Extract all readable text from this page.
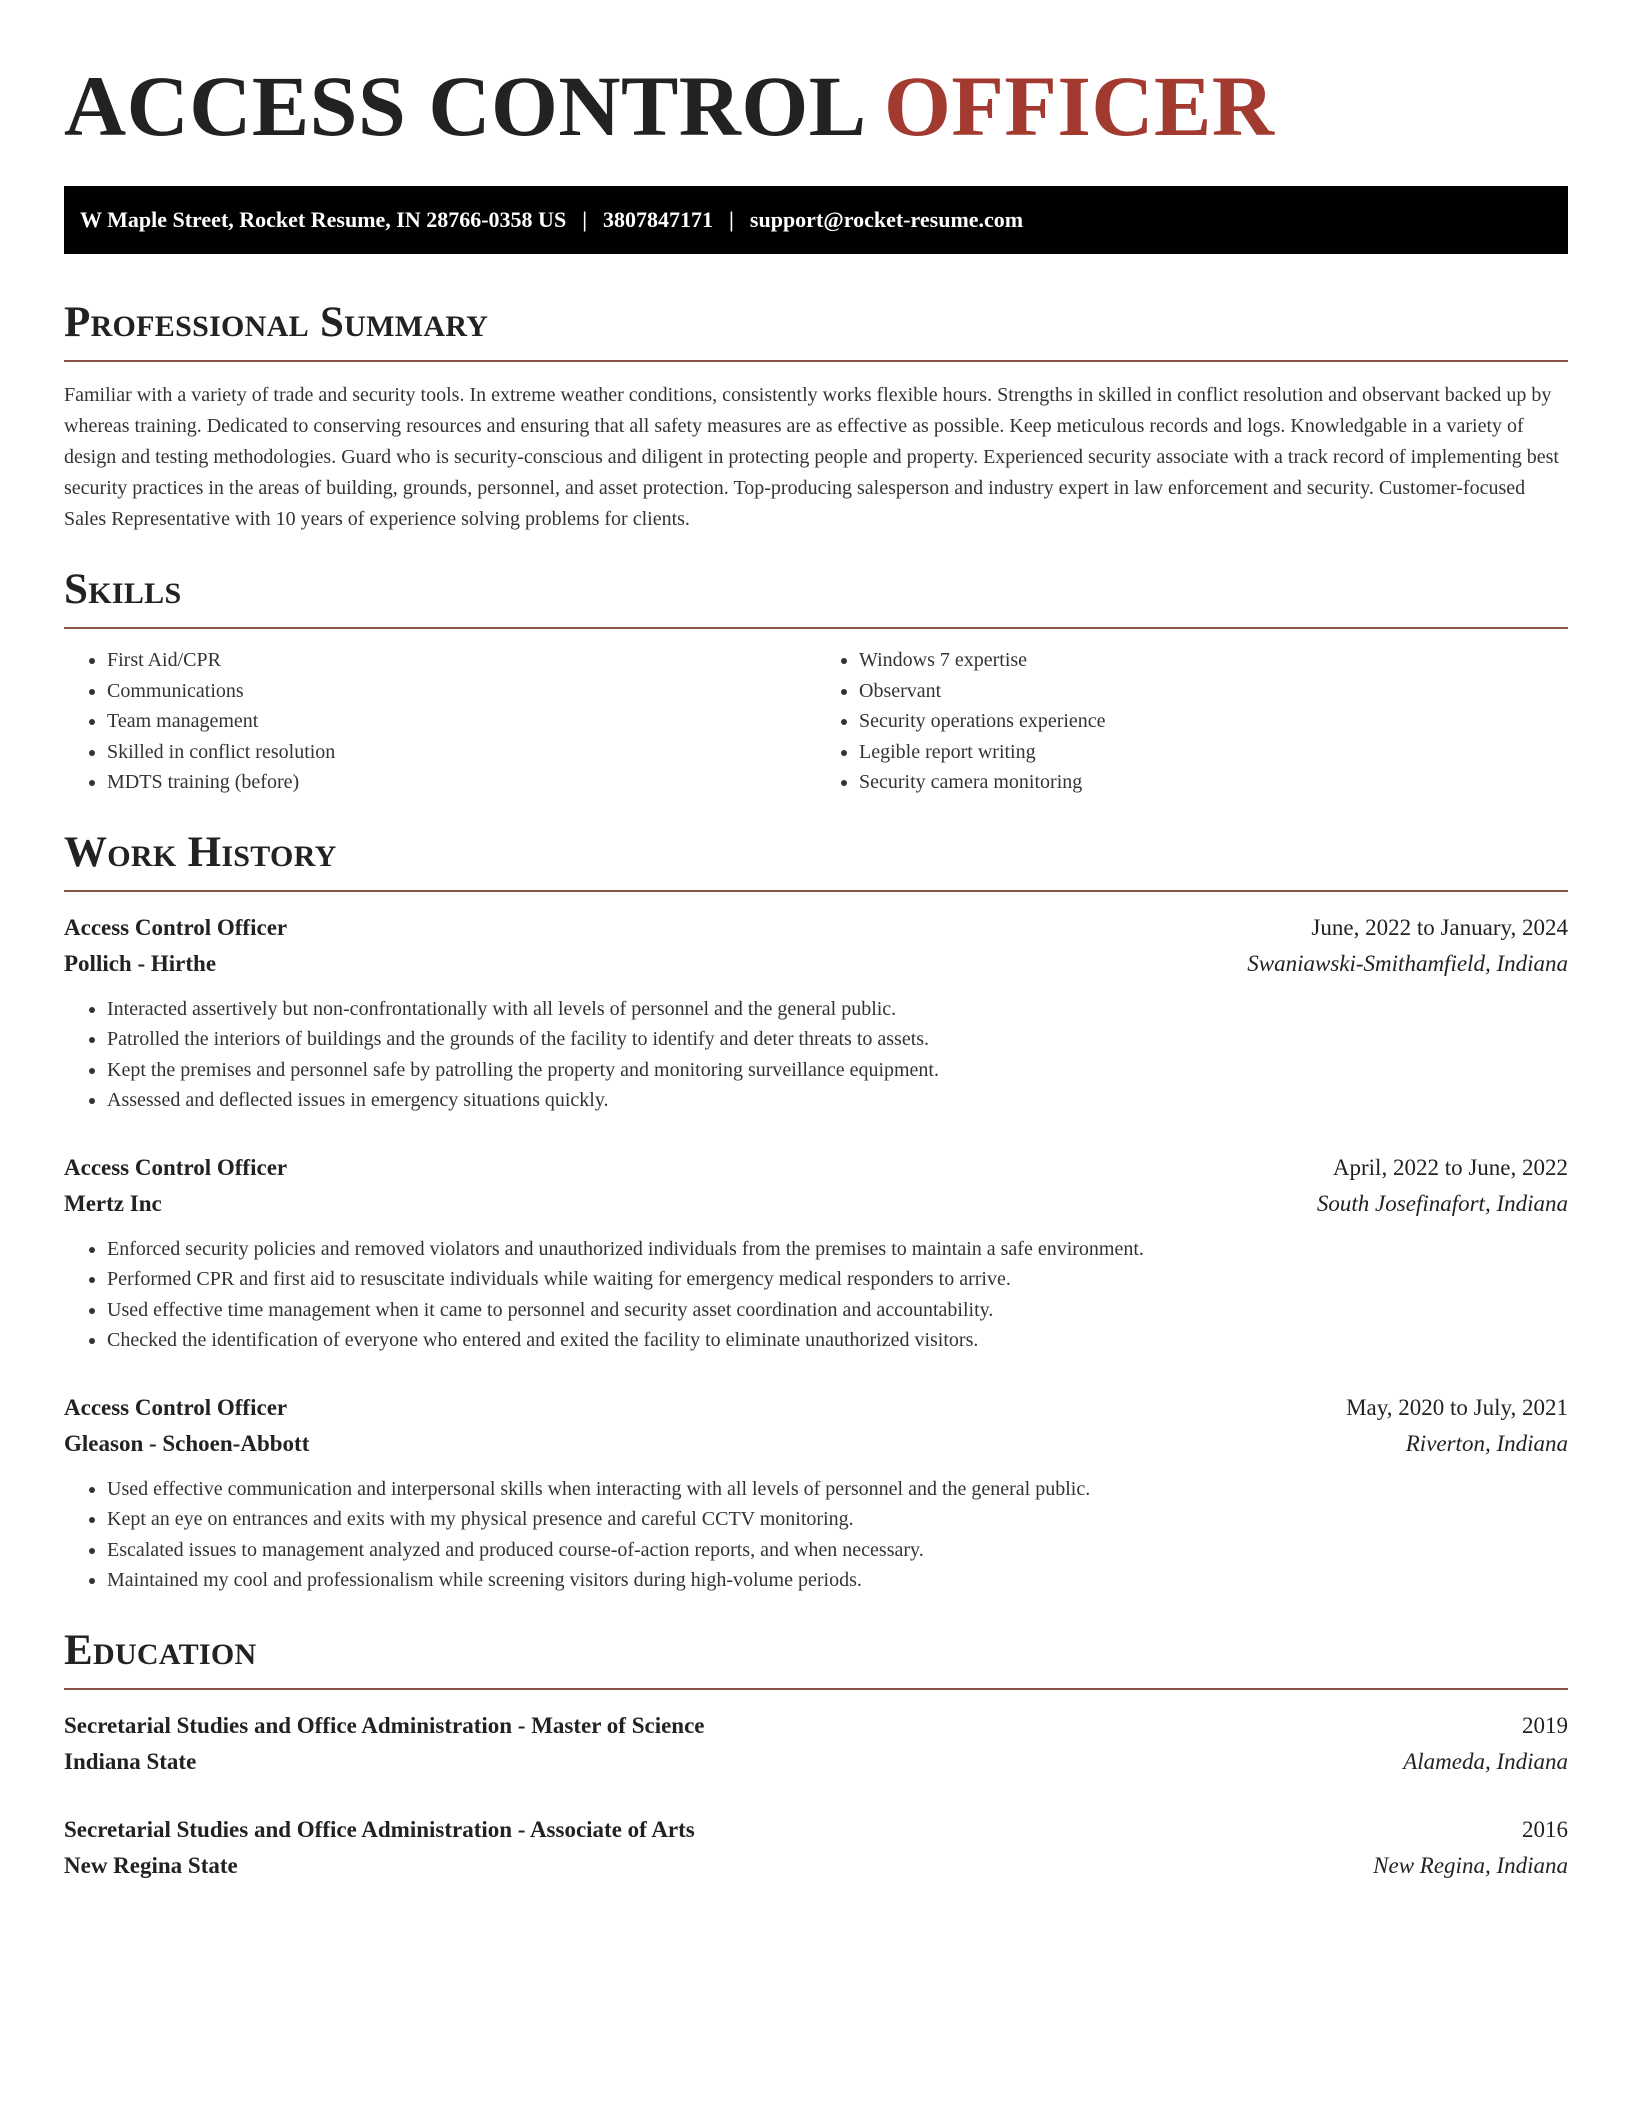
ACCESS CONTROL OFFICER
W Maple Street, Rocket Resume, IN 28766-0358 US | 3807847171 | support@rocket-resume.com
Professional Summary

Familiar with a variety of trade and security tools. In extreme weather conditions, consistently works flexible hours. Strengths in skilled in conflict resolution and observant backed up by whereas training. Dedicated to conserving resources and ensuring that all safety measures are as effective as possible. Keep meticulous records and logs. Knowledgable in a variety of design and testing methodologies. Guard who is security-conscious and diligent in protecting people and property. Experienced security associate with a track record of implementing best security practices in the areas of building, grounds, personnel, and asset protection. Top-producing salesperson and industry expert in law enforcement and security. Customer-focused Sales Representative with 10 years of experience solving problems for clients.

Skills
• First Aid/CPR
• Communications
• Team management
• Skilled in conflict resolution
• MDTS training (before)
• Windows 7 expertise
• Observant
• Security operations experience
• Legible report writing
• Security camera monitoring
Work History
Access Control Officer	June, 2022 to January, 2024
Pollich - Hirthe	Swaniawski-Smithamfield, Indiana
• Interacted assertively but non-confrontationally with all levels of personnel and the general public.
• Patrolled the interiors of buildings and the grounds of the facility to identify and deter threats to assets.
• Kept the premises and personnel safe by patrolling the property and monitoring surveillance equipment.
• Assessed and deflected issues in emergency situations quickly.
Access Control Officer	April, 2022 to June, 2022
Mertz Inc	South Josefinafort, Indiana
• Enforced security policies and removed violators and unauthorized individuals from the premises to maintain a safe environment.
• Performed CPR and first aid to resuscitate individuals while waiting for emergency medical responders to arrive.
• Used effective time management when it came to personnel and security asset coordination and accountability.
• Checked the identification of everyone who entered and exited the facility to eliminate unauthorized visitors.
Access Control Officer	May, 2020 to July, 2021
Gleason - Schoen-Abbott	Riverton, Indiana
• Used effective communication and interpersonal skills when interacting with all levels of personnel and the general public.
• Kept an eye on entrances and exits with my physical presence and careful CCTV monitoring.
• Escalated issues to management analyzed and produced course-of-action reports, and when necessary.
• Maintained my cool and professionalism while screening visitors during high-volume periods.
Education
Secretarial Studies and Office Administration - Master of Science	2019
Indiana State	Alameda, Indiana
Secretarial Studies and Office Administration - Associate of Arts	2016
New Regina State	New Regina, Indiana
